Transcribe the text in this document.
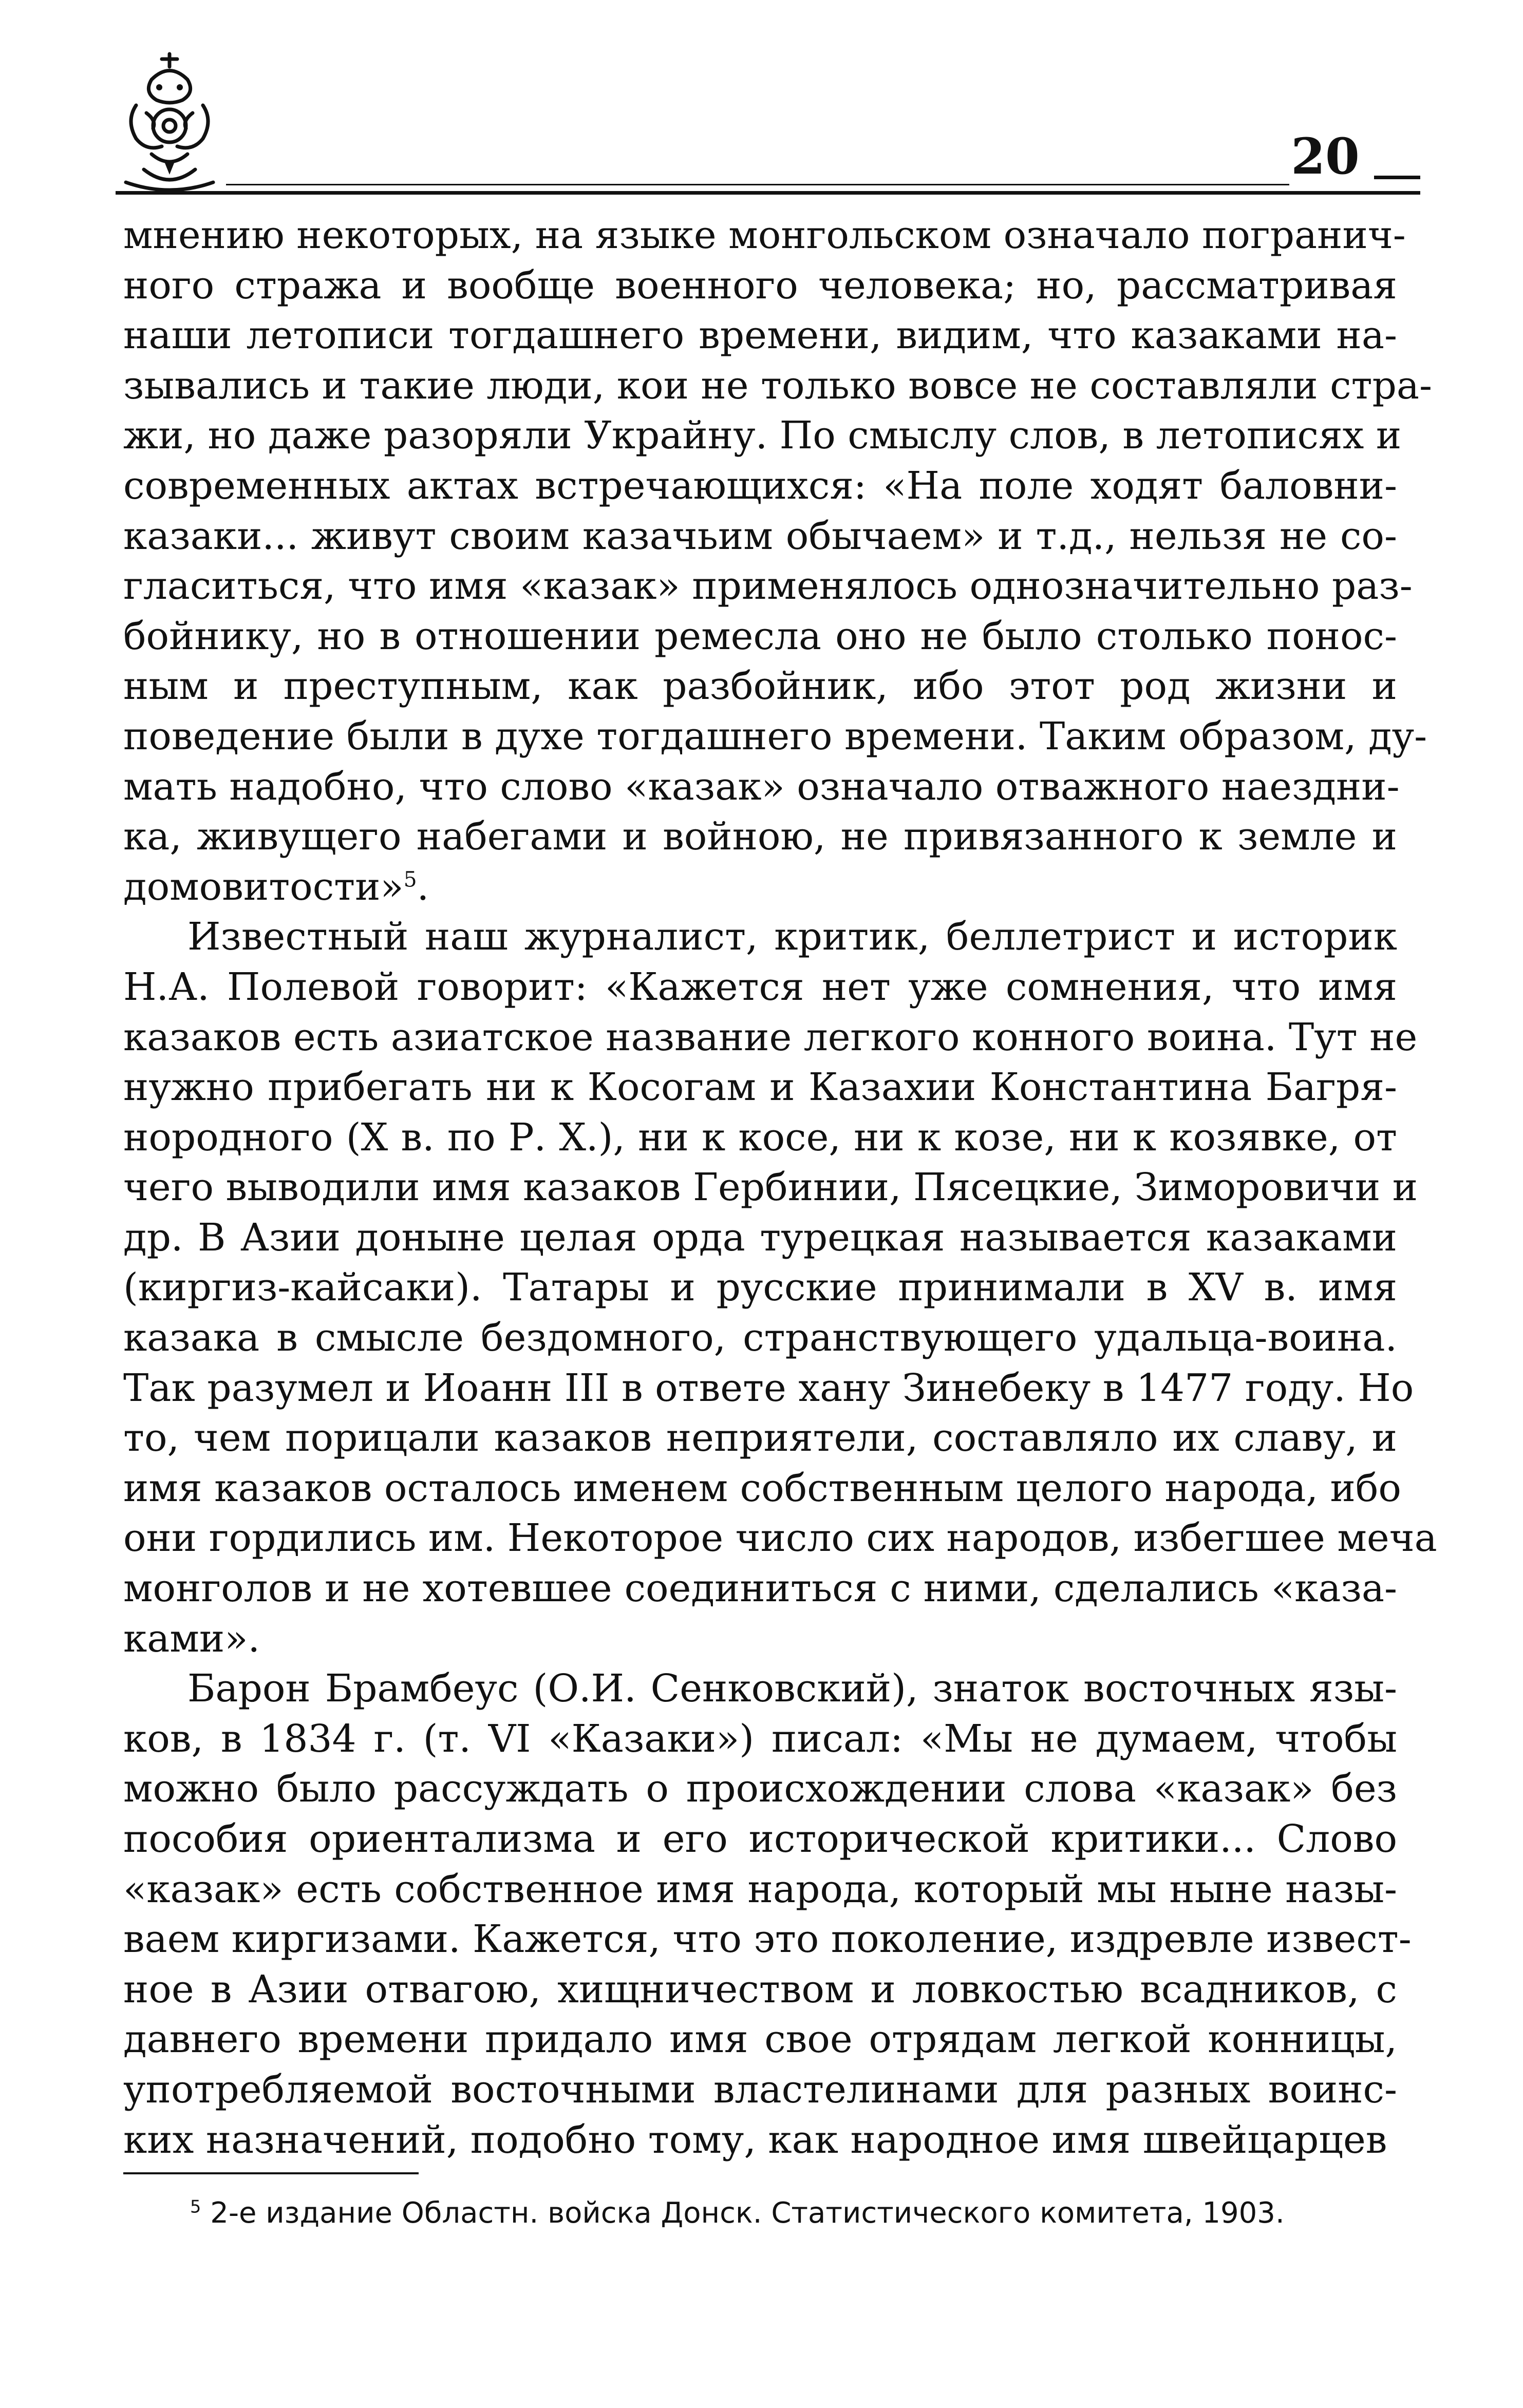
20
мнению некоторых, на языке монгольском означало погранич-
ного стража и вообще военного человека; но, рассматривая
наши летописи тогдашнего времени, видим, что казаками на-
зывались и такие люди, кои не только вовсе не составляли стра-
жи, но даже разоряли Украйну. По смыслу слов, в летописях и
современных актах встречающихся: «На поле ходят баловни-
казаки... живут своим казачьим обычаем» и т.д., нельзя не со-
гласиться, что имя «казак» применялось однозначительно раз-
бойнику, но в отношении ремесла оно не было столько понос-
ным и преступным, как разбойник, ибо этот род жизни и
поведение были в духе тогдашнего времени. Таким образом, ду-
мать надобно, что слово «казак» означало отважного наездни-
ка, живущего набегами и войною, не привязанного к земле и
домовитости»$^5$.
Известный наш журналист, критик, беллетрист и историк
Н.А. Полевой говорит: «Кажется нет уже сомнения, что имя
казаков есть азиатское название легкого конного воина. Тут не
нужно прибегать ни к Косогам и Казахии Константина Багря-
нородного (X в. по Р. Х.), ни к косе, ни к козе, ни к козявке, от
чего выводили имя казаков Гербинии, Пясецкие, Зиморовичи и
др. В Азии доныне целая орда турецкая называется казаками
(киргиз-кайсаки). Татары и русские принимали в XV в. имя
казака в смысле бездомного, странствующего удальца-воина.
Так разумел и Иоанн III в ответе хану Зинебеку в 1477 году. Но
то, чем порицали казаков неприятели, составляло их славу, и
имя казаков осталось именем собственным целого народа, ибо
они гордились им. Некоторое число сих народов, избегшее меча
монголов и не хотевшее соединиться с ними, сделались «каза-
ками».
Барон Брамбеус (О.И. Сенковский), знаток восточных язы-
ков, в 1834 г. (т. VI «Казаки») писал: «Мы не думаем, чтобы
можно было рассуждать о происхождении слова «казак» без
пособия ориентализма и его исторической критики... Слово
«казак» есть собственное имя народа, который мы ныне назы-
ваем киргизами. Кажется, что это поколение, издревле извест-
ное в Азии отвагою, хищничеством и ловкостью всадников, с
давнего времени придало имя свое отрядам легкой конницы,
употребляемой восточными властелинами для разных воинс-
ких назначений, подобно тому, как народное имя швейцарцев
$^5$ 2-е издание Областн. войска Донск. Статистического комитета, 1903.
